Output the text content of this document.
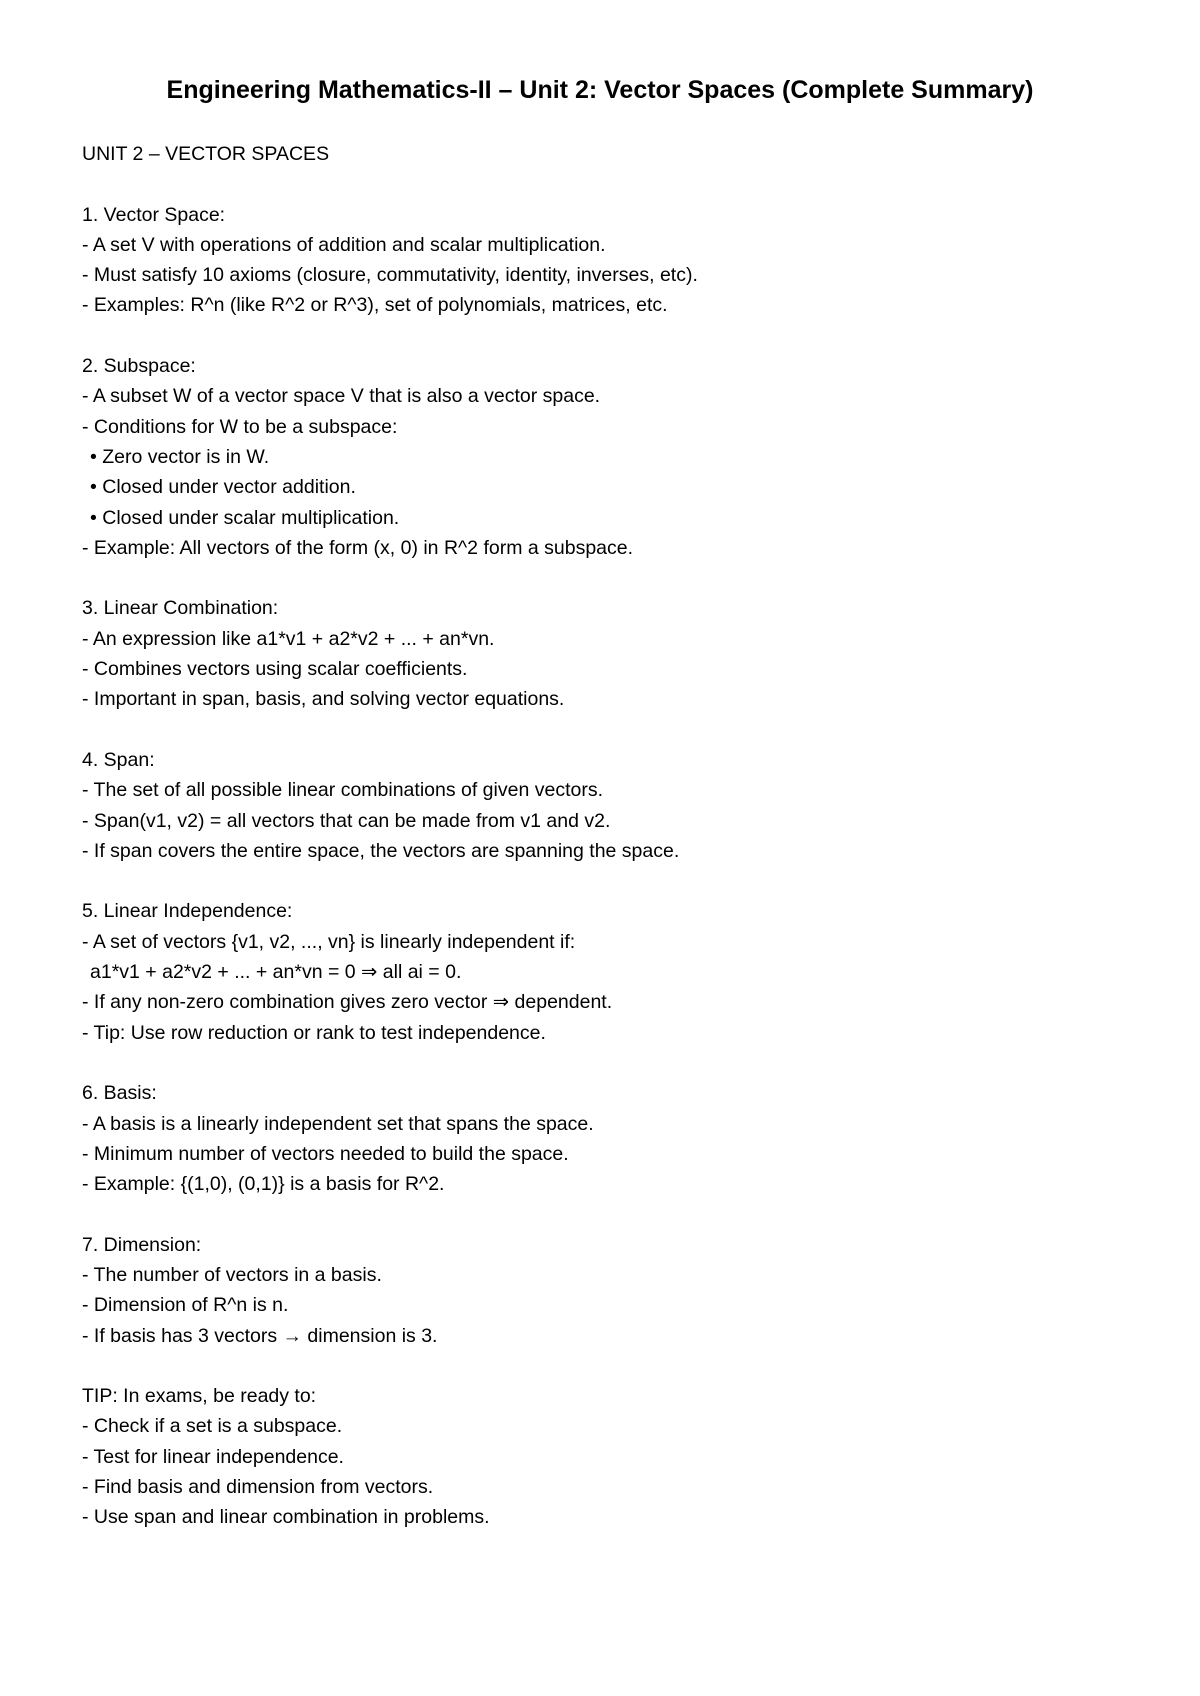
Engineering Mathematics-II – Unit 2: Vector Spaces (Complete Summary)
UNIT 2 – VECTOR SPACES
1. Vector Space:
- A set V with operations of addition and scalar multiplication.
- Must satisfy 10 axioms (closure, commutativity, identity, inverses, etc).
- Examples: R^n (like R^2 or R^3), set of polynomials, matrices, etc.
2. Subspace:
- A subset W of a vector space V that is also a vector space.
- Conditions for W to be a subspace:
• Zero vector is in W.
• Closed under vector addition.
• Closed under scalar multiplication.
- Example: All vectors of the form (x, 0) in R^2 form a subspace.
3. Linear Combination:
- An expression like a1*v1 + a2*v2 + ... + an*vn.
- Combines vectors using scalar coefficients.
- Important in span, basis, and solving vector equations.
4. Span:
- The set of all possible linear combinations of given vectors.
- Span(v1, v2) = all vectors that can be made from v1 and v2.
- If span covers the entire space, the vectors are spanning the space.
5. Linear Independence:
- A set of vectors {v1, v2, ..., vn} is linearly independent if:
a1*v1 + a2*v2 + ... + an*vn = 0 ⇒ all ai = 0.
- If any non-zero combination gives zero vector ⇒ dependent.
- Tip: Use row reduction or rank to test independence.
6. Basis:
- A basis is a linearly independent set that spans the space.
- Minimum number of vectors needed to build the space.
- Example: {(1,0), (0,1)} is a basis for R^2.
7. Dimension:
- The number of vectors in a basis.
- Dimension of R^n is n.
- If basis has 3 vectors → dimension is 3.
TIP: In exams, be ready to:
- Check if a set is a subspace.
- Test for linear independence.
- Find basis and dimension from vectors.
- Use span and linear combination in problems.
